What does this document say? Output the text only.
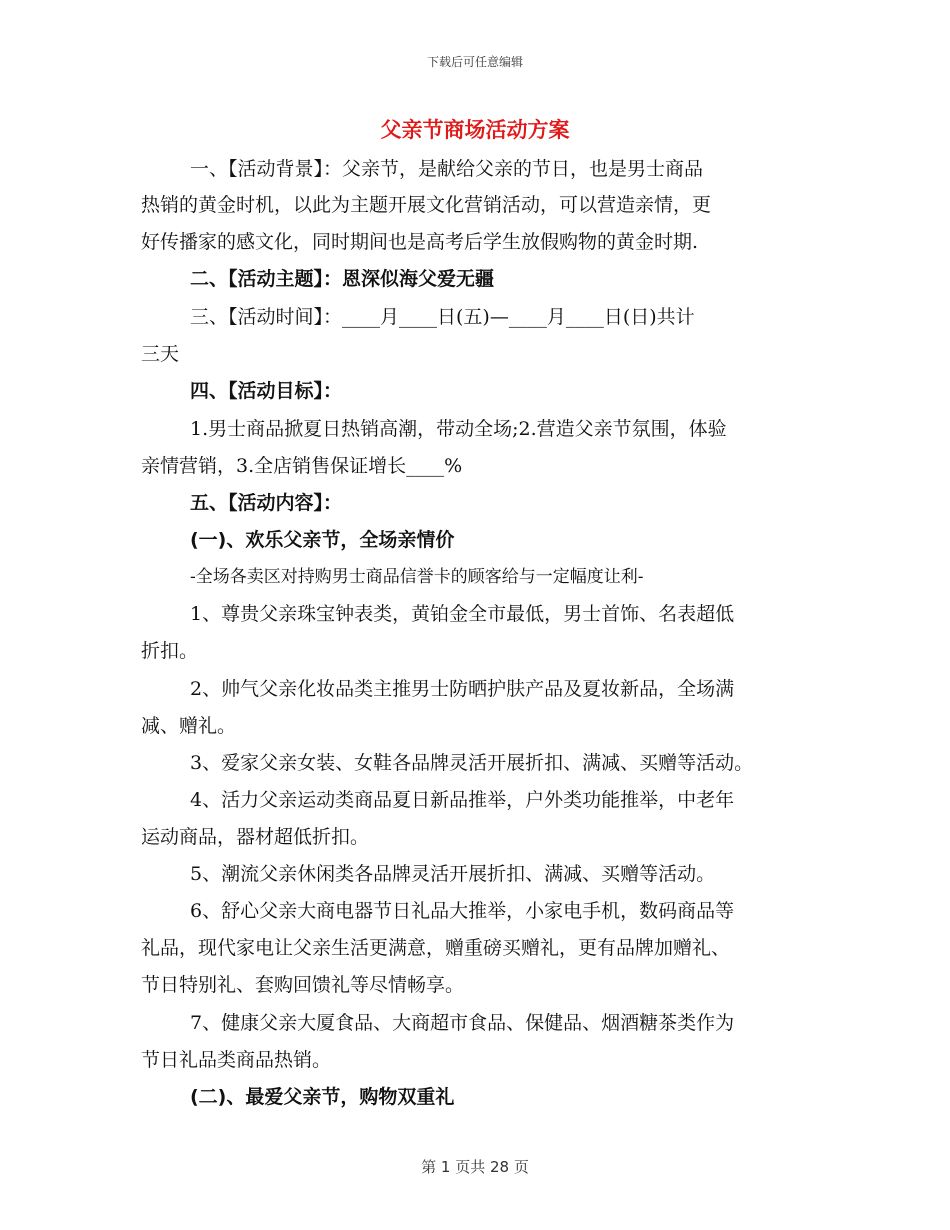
下载后可任意编辑
父亲节商场活动方案
一、【活动背景】：父亲节，是献给父亲的节日，也是男士商品
热销的黄金时机，以此为主题开展文化营销活动，可以营造亲情，更
好传播家的感文化，同时期间也是高考后学生放假购物的黄金时期.
二、【活动主题】：恩深似海父爱无疆
三、【活动时间】：____月____日(五)—____月____日(日)共计
三天
四、【活动目标】：
1.男士商品掀夏日热销高潮，带动全场;2.营造父亲节氛围，体验
亲情营销，3.全店销售保证增长____%
五、【活动内容】：
(一)、欢乐父亲节，全场亲情价
-全场各卖区对持购男士商品信誉卡的顾客给与一定幅度让利-
1、尊贵父亲珠宝钟表类，黄铂金全市最低，男士首饰、名表超低
折扣。
2、帅气父亲化妆品类主推男士防晒护肤产品及夏妆新品，全场满
减、赠礼。
3、爱家父亲女装、女鞋各品牌灵活开展折扣、满减、买赠等活动。
4、活力父亲运动类商品夏日新品推举，户外类功能推举，中老年
运动商品，器材超低折扣。
5、潮流父亲休闲类各品牌灵活开展折扣、满减、买赠等活动。
6、舒心父亲大商电器节日礼品大推举，小家电手机，数码商品等
礼品，现代家电让父亲生活更满意，赠重磅买赠礼，更有品牌加赠礼、
节日特别礼、套购回馈礼等尽情畅享。
7、健康父亲大厦食品、大商超市食品、保健品、烟酒糖茶类作为
节日礼品类商品热销。
(二)、最爱父亲节，购物双重礼
第 1 页共 28 页
